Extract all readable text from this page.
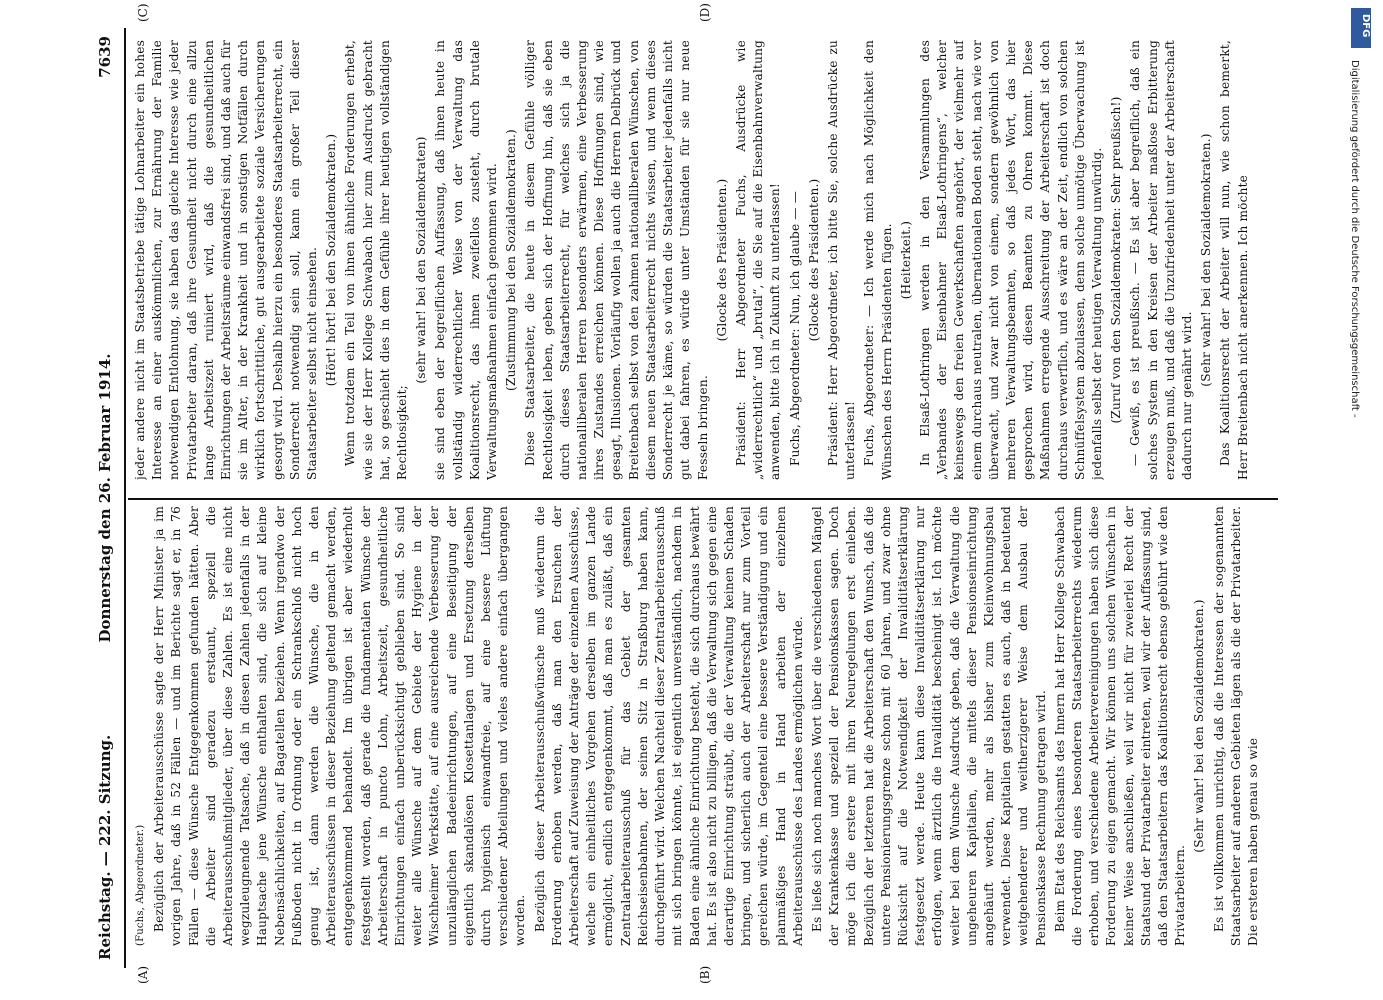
Reichstag. — 222. Sitzung.
Donnerstag den 26. Februar 1914.
7639
(A)	(B)
(C)	(D)

(Fuchs, Abgeordneter.) Bezüglich der Arbeiterausschüsse sagte der Herr Minister ja im vorigen Jahre, daß in 52 Fällen — und im Berichte sagt er, in 76 Fällen — diese Wünsche Entgegenkommen gefunden hätten. Aber die Arbeiter sind geradezu erstaunt, speziell die Arbeiterausschußmitglieder, über diese Zahlen. Es ist eine nicht wegzuleugnende Tatsache, daß in diesen Zahlen jedenfalls in der Hauptsache jene Wünsche enthalten sind, die sich auf kleine Nebensächlichkeiten, auf Bagatellen beziehen. Wenn irgendwo der Fußboden nicht in Ordnung oder ein Schrankschloß nicht hoch genug ist, dann werden die Wünsche, die in den Arbeiterausschüssen in dieser Beziehung geltend gemacht werden, entgegenkommend behandelt. Im übrigen ist aber wiederholt festgestellt worden, daß gerade die fundamentalen Wünsche der Arbeiterschaft in puncto Lohn, Arbeitszeit, gesundheitliche Einrichtungen einfach unberücksichtigt geblieben sind. So sind weiter alle Wünsche auf dem Gebiete der Hygiene in der Wischheimer Werkstätte, auf eine ausreichende Verbesserung der unzulänglichen Badeeinrichtungen, auf eine Beseitigung der eigentlich skandalösen Klosettanlagen und Ersetzung derselben durch hygienisch einwandfreie, auf eine bessere Lüftung verschiedener Abteilungen und vieles andere einfach übergangen worden. Bezüglich dieser Arbeiterausschußwünsche muß wiederum die Forderung erhoben werden, daß man den Ersuchen der Arbeiterschaft auf Zuweisung der Anträge der einzelnen Ausschüsse, welche ein einheitliches Vorgehen derselben im ganzen Lande ermöglicht, endlich entgegenkommt, daß man es zuläßt, daß ein Zentralarbeiterausschuß für das Gebiet der gesamten Reichseisenbahnen, der seinen Sitz in Straßburg haben kann, durchgeführt wird. Welchen Nachteil dieser Zentralarbeiterausschuß mit sich bringen könnte, ist eigentlich unverständlich, nachdem in Baden eine ähnliche Einrichtung besteht, die sich durchaus bewährt hat. Es ist also nicht zu billigen, daß die Verwaltung sich gegen eine derartige Einrichtung sträubt, die der Verwaltung keinen Schaden bringen, und sicherlich auch der Arbeiterschaft nur zum Vorteil gereichen würde, im Gegenteil eine bessere Verständigung und ein planmäßiges Hand in Hand arbeiten der einzelnen Arbeiterausschüsse des Landes ermöglichen würde. Es ließe sich noch manches Wort über die verschiedenen Mängel der Krankenkasse und speziell der Pensionskassen sagen. Doch möge ich die erstere mit ihren Neuregelungen erst einleben. Bezüglich der letzteren hat die Arbeiterschaft den Wunsch, daß die untere Pensionierungsgrenze schon mit 60 Jahren, und zwar ohne Rücksicht auf die Notwendigkeit der Invaliditätserklärung festgesetzt werde. Heute kann diese Invaliditätserklärung nur erfolgen, wenn ärztlich die Invalidität bescheinigt ist. Ich möchte weiter bei dem Wunsche Ausdruck geben, daß die Verwaltung die ungeheuren Kapitalien, die mittels dieser Pensionseinrichtung angehäuft werden, mehr als bisher zum Kleinwohnungsbau verwendet. Diese Kapitalien gestatten es auch, daß in bedeutend weitgehenderer und weitherzigerer Weise dem Ausbau der Pensionskasse Rechnung getragen wird. Beim Etat des Reichsamts des Innern hat Herr Kollege Schwabach die Forderung eines besonderen Staatsarbeiterrechts wiederum erhoben, und verschiedene Arbeitervereinigungen haben sich diese Forderung zu eigen gemacht. Wir können uns solchen Wünschen in keiner Weise anschließen, weil wir nicht für zweierlei Recht der Staatsund der Privatarbeiter eintreten, weil wir der Auffassung sind, daß den Staatsarbeitern das Koalitionsrecht ebenso gebührt wie den Privatarbeitern.

(Sehr wahr! bei den Sozialdemokraten.) Es ist vollkommen unrichtig, daß die Interessen der sogenannten Staatsarbeiter auf anderen Gebieten lägen als die der Privatarbeiter. Die ersteren haben genau so wie

jeder andere nicht im Staatsbetriebe tätige Lohnarbeiter ein hohes Interesse an einer auskömmlichen, zur Ernährung der Familie notwendigen Entlohnung, sie haben das gleiche Interesse wie jeder Privatarbeiter daran, daß ihre Gesundheit nicht durch eine allzu lange Arbeitszeit ruiniert wird, daß die gesundheitlichen Einrichtungen der Arbeitsräume einwandsfrei sind, und daß auch für sie im Alter, in der Krankheit und in sonstigen Notfällen durch wirklich fortschrittliche, gut ausgearbeitete soziale Versicherungen gesorgt wird. Deshalb hierzu ein besonderes Staatsarbeiterrecht, ein Sonderrecht notwendig sein soll, kann ein großer Teil dieser Staatsarbeiter selbst nicht einsehen. (Hört! hört! bei den Sozialdemokraten.) Wenn trotzdem ein Teil von ihnen ähnliche Forderungen erhebt, wie sie der Herr Kollege Schwabach hier zum Ausdruck gebracht hat, so geschieht dies in dem Gefühle ihrer heutigen vollständigen Rechtlosigkeit;

(sehr wahr! bei den Sozialdemokraten) sie sind eben der begreiflichen Auffassung, daß ihnen heute in vollständig widerrechtlicher Weise von der Verwaltung das Koalitionsrecht, das ihnen zweifellos zusteht, durch brutale Verwaltungsmaßnahmen einfach genommen wird. (Zustimmung bei den Sozialdemokraten.) Diese Staatsarbeiter, die heute in diesem Gefühle völliger Rechtlosigkeit leben, geben sich der Hoffnung hin, daß sie eben durch dieses Staatsarbeiterrecht, für welches sich ja die nationalliberalen Herren besonders erwärmen, eine Verbesserung ihres Zustandes erreichen können. Diese Hoffnungen sind, wie gesagt, Illusionen. Vorläufig wollen ja auch die Herren Delbrück und Breitenbach selbst von den zahmen nationalliberalen Wünschen, von diesem neuen Staatsarbeiterrecht nichts wissen, und wenn dieses Sonderrecht je käme, so würden die Staatsarbeiter jedenfalls nicht gut dabei fahren, es würde unter Umständen für sie nur neue Fesseln bringen.

(Glocke des Präsidenten.) Präsident: Herr Abgeordneter Fuchs, Ausdrücke wie „widerrechtlich“ und „brutal“, die Sie auf die Eisenbahnverwaltung anwenden, bitte ich in Zukunft zu unterlassen! Fuchs, Abgeordneter: Nun, ich glaube — — (Glocke des Präsidenten.) Präsident: Herr Abgeordneter, ich bitte Sie, solche Ausdrücke zu unterlassen! Fuchs, Abgeordneter: — Ich werde mich nach Möglichkeit den Wünschen des Herrn Präsidenten fügen. (Heiterkeit.) In Elsaß-Lothringen werden in den Versammlungen des „Verbandes der Eisenbahner Elsaß-Lothringens“, welcher keineswegs den freien Gewerkschaften angehört, der vielmehr auf einem durchaus neutralen, übernationalen Boden steht, nach wie vor überwacht, und zwar nicht von einem, sondern gewöhnlich von mehreren Verwaltungsbeamten, so daß jedes Wort, das hier gesprochen wird, diesen Beamten zu Ohren kommt. Diese Maßnahmen erregende Ausschreitung der Arbeiterschaft ist doch durchaus verwerflich, und es wäre an der Zeit, endlich von solchen Schnüffelsystem abzulassen, denn solche unnötige Überwachung ist jedenfalls selbst der heutigen Verwaltung unwürdig. (Zuruf von den Sozialdemokraten: Sehr preußisch!) — Gewiß, es ist preußisch. — Es ist aber begreiflich, daß ein solches System in den Kreisen der Arbeiter maßlose Erbitterung erzeugen muß, und daß die Unzufriedenheit unter der Arbeiterschaft dadurch nur genährt wird.

(Sehr wahr! bei den Sozialdemokraten.) Das Koalitionsrecht der Arbeiter will nun, wie schon bemerkt, Herr Breitenbach nicht anerkennen. Ich möchte

DFG
Digitalisierung gefördert durch die Deutsche Forschungsgemeinschaft -
